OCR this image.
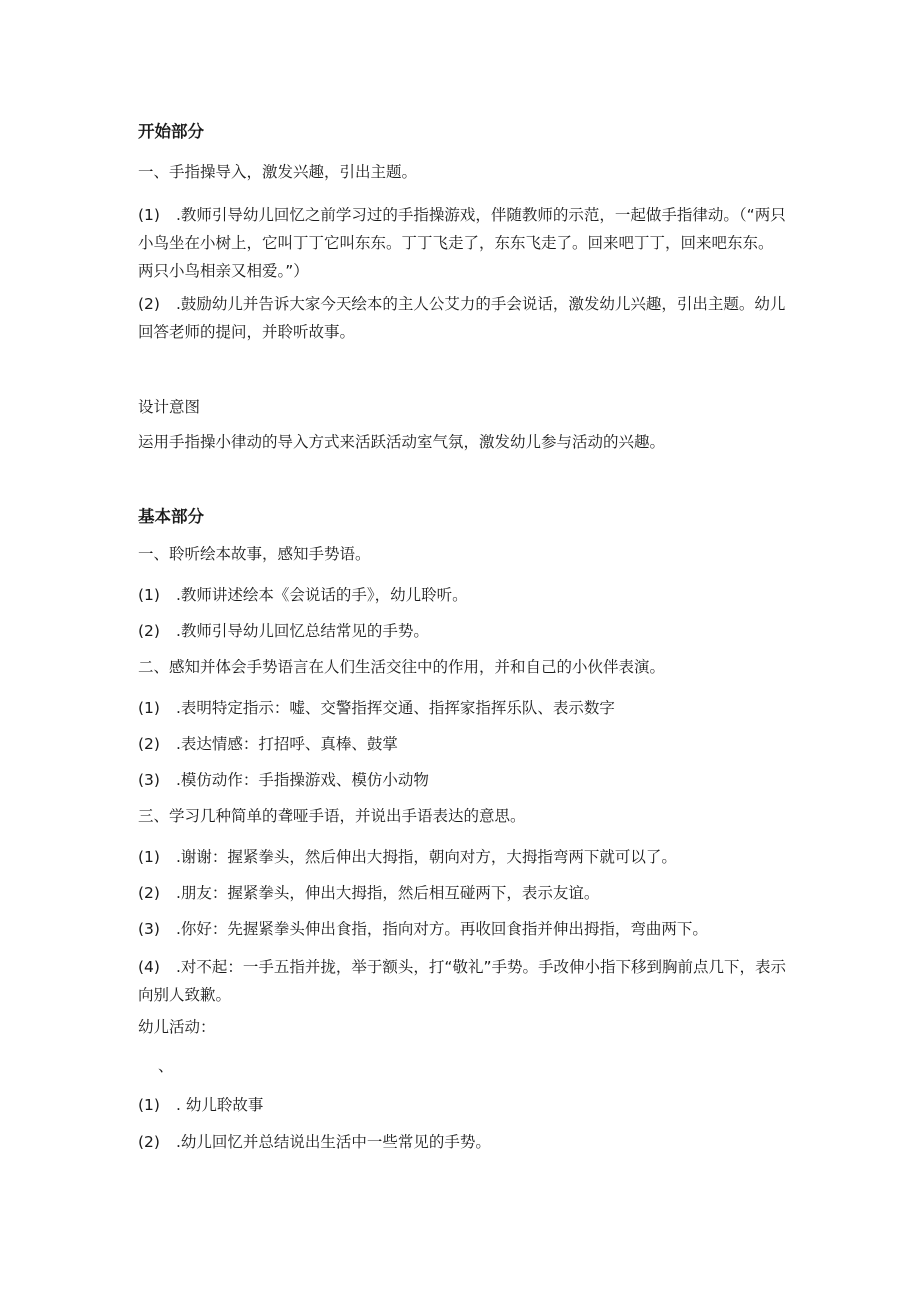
开始部分

一、手指操导入，激发兴趣，引出主题。

(1) .教师引导幼儿回忆之前学习过的手指操游戏，伴随教师的示范，一起做手指律动。（“两只小鸟坐在小树上，它叫丁丁它叫东东。丁丁飞走了，东东飞走了。回来吧丁丁，回来吧东东。两只小鸟相亲又相爱。”）

(2) .鼓励幼儿并告诉大家今天绘本的主人公艾力的手会说话，激发幼儿兴趣，引出主题。幼儿回答老师的提问，并聆听故事。

设计意图

运用手指操小律动的导入方式来活跃活动室气氛，激发幼儿参与活动的兴趣。

基本部分

一、聆听绘本故事，感知手势语。

(1) .教师讲述绘本《会说话的手》，幼儿聆听。

(2) .教师引导幼儿回忆总结常见的手势。

二、感知并体会手势语言在人们生活交往中的作用，并和自己的小伙伴表演。

(1) .表明特定指示：嘘、交警指挥交通、指挥家指挥乐队、表示数字

(2) .表达情感：打招呼、真棒、鼓掌

(3) .模仿动作：手指操游戏、模仿小动物

三、学习几种简单的聋哑手语，并说出手语表达的意思。

(1) .谢谢：握紧拳头，然后伸出大拇指，朝向对方，大拇指弯两下就可以了。

(2) .朋友：握紧拳头，伸出大拇指，然后相互碰两下，表示友谊。

(3) .你好：先握紧拳头伸出食指，指向对方。再收回食指并伸出拇指，弯曲两下。

(4) .对不起：一手五指并拢，举于额头，打“敬礼”手势。手改伸小指下移到胸前点几下，表示向别人致歉。

幼儿活动：

、

(1) . 幼儿聆故事

(2) .幼儿回忆并总结说出生活中一些常见的手势。
